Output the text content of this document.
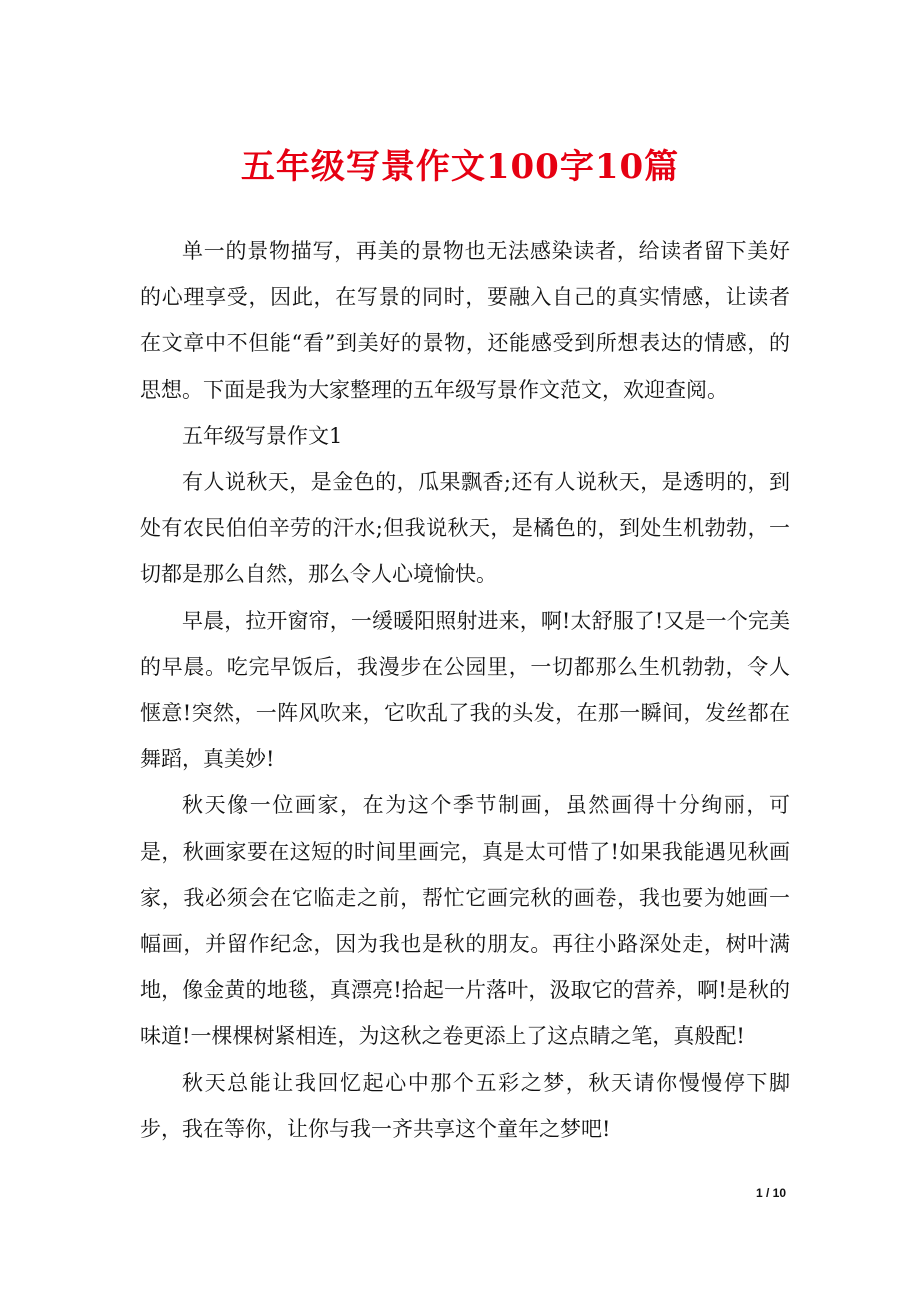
五年级写景作文100字10篇

单一的景物描写，再美的景物也无法感染读者，给读者留下美好的心理享受，因此，在写景的同时，要融入自己的真实情感，让读者在文章中不但能“看”到美好的景物，还能感受到所想表达的情感，的思想。下面是我为大家整理的五年级写景作文范文，欢迎查阅。

五年级写景作文1

有人说秋天，是金色的，瓜果飘香;还有人说秋天，是透明的，到处有农民伯伯辛劳的汗水;但我说秋天，是橘色的，到处生机勃勃，一切都是那么自然，那么令人心境愉快。

早晨，拉开窗帘，一缓暖阳照射进来，啊!太舒服了!又是一个完美的早晨。吃完早饭后，我漫步在公园里，一切都那么生机勃勃，令人惬意!突然，一阵风吹来，它吹乱了我的头发，在那一瞬间，发丝都在舞蹈，真美妙!

秋天像一位画家，在为这个季节制画，虽然画得十分绚丽，可是，秋画家要在这短的时间里画完，真是太可惜了!如果我能遇见秋画家，我必须会在它临走之前，帮忙它画完秋的画卷，我也要为她画一幅画，并留作纪念，因为我也是秋的朋友。再往小路深处走，树叶满地，像金黄的地毯，真漂亮!拾起一片落叶，汲取它的营养，啊!是秋的味道!一棵棵树紧相连，为这秋之卷更添上了这点睛之笔，真般配!

秋天总能让我回忆起心中那个五彩之梦，秋天请你慢慢停下脚步，我在等你，让你与我一齐共享这个童年之梦吧!

1 / 10
